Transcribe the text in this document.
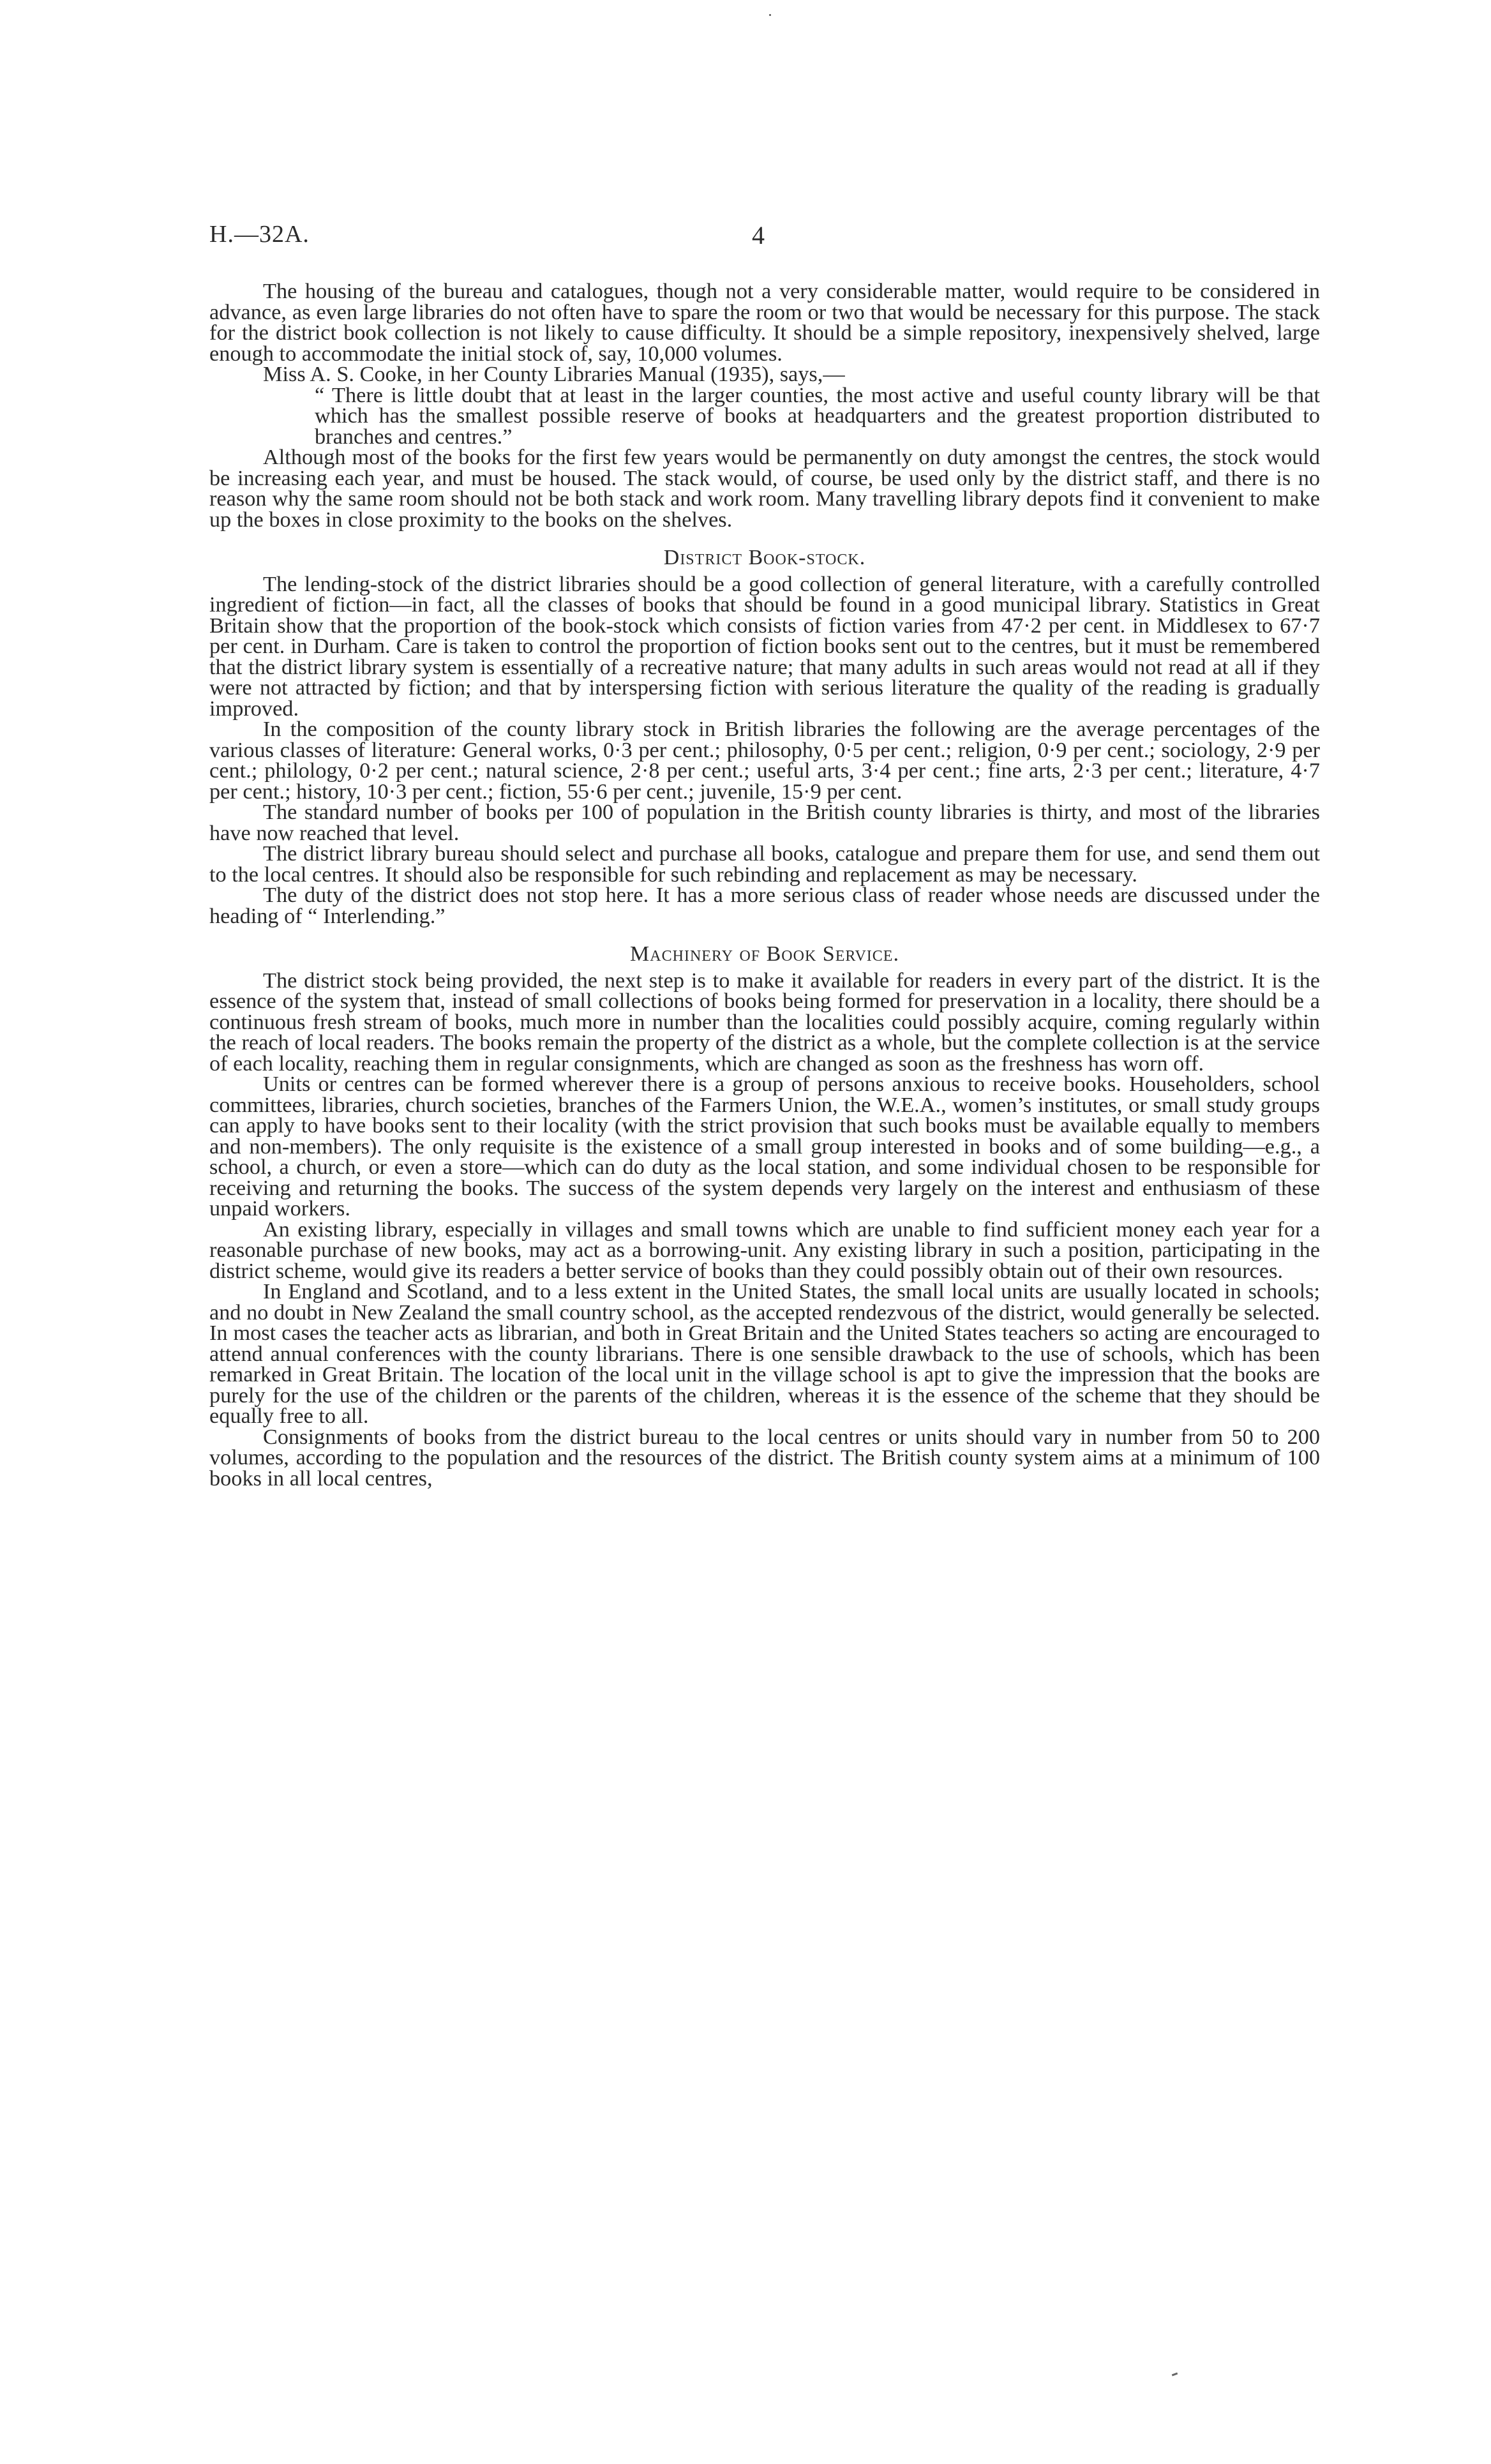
H.—32A.	4

The housing of the bureau and catalogues, though not a very considerable matter, would require to be considered in advance, as even large libraries do not often have to spare the room or two that would be necessary for this purpose. The stack for the district book collection is not likely to cause difficulty. It should be a simple repository, inexpensively shelved, large enough to accommodate the initial stock of, say, 10,000 volumes.

Miss A. S. Cooke, in her County Libraries Manual (1935), says,—

“ There is little doubt that at least in the larger counties, the most active and useful county library will be that which has the smallest possible reserve of books at headquarters and the greatest proportion distributed to branches and centres.”

Although most of the books for the first few years would be permanently on duty amongst the centres, the stock would be increasing each year, and must be housed. The stack would, of course, be used only by the district staff, and there is no reason why the same room should not be both stack and work room. Many travelling library depots find it convenient to make up the boxes in close proximity to the books on the shelves.

District Book-stock.

The lending-stock of the district libraries should be a good collection of general literature, with a carefully controlled ingredient of fiction—in fact, all the classes of books that should be found in a good municipal library. Statistics in Great Britain show that the proportion of the book-stock which consists of fiction varies from 47·2 per cent. in Middlesex to 67·7 per cent. in Durham. Care is taken to control the proportion of fiction books sent out to the centres, but it must be remembered that the district library system is essentially of a recreative nature; that many adults in such areas would not read at all if they were not attracted by fiction; and that by interspersing fiction with serious literature the quality of the reading is gradually improved.

In the composition of the county library stock in British libraries the following are the average percentages of the various classes of literature: General works, 0·3 per cent.; philosophy, 0·5 per cent.; religion, 0·9 per cent.; sociology, 2·9 per cent.; philology, 0·2 per cent.; natural science, 2·8 per cent.; useful arts, 3·4 per cent.; fine arts, 2·3 per cent.; literature, 4·7 per cent.; history, 10·3 per cent.; fiction, 55·6 per cent.; juvenile, 15·9 per cent.

The standard number of books per 100 of population in the British county libraries is thirty, and most of the libraries have now reached that level.

The district library bureau should select and purchase all books, catalogue and prepare them for use, and send them out to the local centres. It should also be responsible for such rebinding and replacement as may be necessary.

The duty of the district does not stop here. It has a more serious class of reader whose needs are discussed under the heading of “ Interlending.”

Machinery of Book Service.

The district stock being provided, the next step is to make it available for readers in every part of the district. It is the essence of the system that, instead of small collections of books being formed for preservation in a locality, there should be a continuous fresh stream of books, much more in number than the localities could possibly acquire, coming regularly within the reach of local readers. The books remain the property of the district as a whole, but the complete collection is at the service of each locality, reaching them in regular consignments, which are changed as soon as the freshness has worn off.

Units or centres can be formed wherever there is a group of persons anxious to receive books. Householders, school committees, libraries, church societies, branches of the Farmers Union, the W.E.A., women’s institutes, or small study groups can apply to have books sent to their locality (with the strict provision that such books must be available equally to members and non-members). The only requisite is the existence of a small group interested in books and of some building—e.g., a school, a church, or even a store—which can do duty as the local station, and some individual chosen to be responsible for receiving and returning the books. The success of the system depends very largely on the interest and enthusiasm of these unpaid workers.

An existing library, especially in villages and small towns which are unable to find sufficient money each year for a reasonable purchase of new books, may act as a borrowing-unit. Any existing library in such a position, participating in the district scheme, would give its readers a better service of books than they could possibly obtain out of their own resources.

In England and Scotland, and to a less extent in the United States, the small local units are usually located in schools; and no doubt in New Zealand the small country school, as the accepted rendezvous of the district, would generally be selected. In most cases the teacher acts as librarian, and both in Great Britain and the United States teachers so acting are encouraged to attend annual conferences with the county librarians. There is one sensible drawback to the use of schools, which has been remarked in Great Britain. The location of the local unit in the village school is apt to give the impression that the books are purely for the use of the children or the parents of the children, whereas it is the essence of the scheme that they should be equally free to all.

Consignments of books from the district bureau to the local centres or units should vary in number from 50 to 200 volumes, according to the population and the resources of the district. The British county system aims at a minimum of 100 books in all local centres,
